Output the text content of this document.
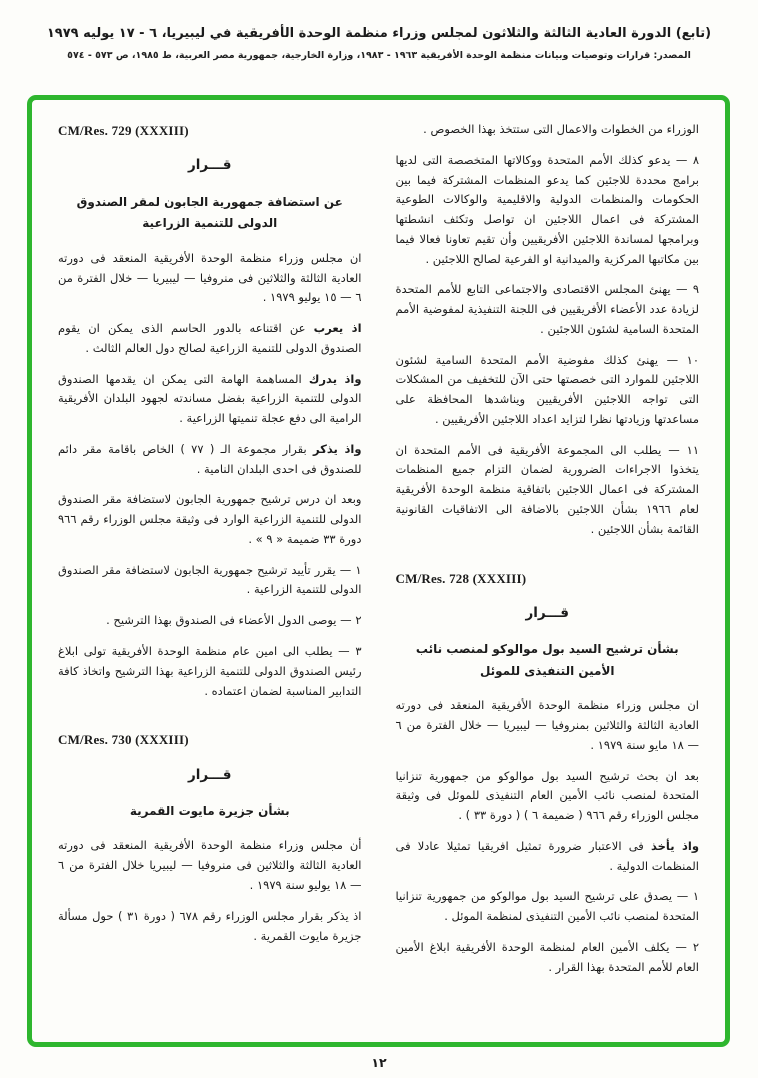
(تابع) الدورة العادية الثالثة والثلاثون لمجلس وزراء منظمة الوحدة الأفريقية في ليبيريا، ٦ - ١٧ يوليه ١٩٧٩
المصدر: قرارات وتوصيات وبيانات منظمة الوحدة الأفريقية ١٩٦٣ - ١٩٨٣، وزارة الخارجية، جمهورية مصر العربية، ط ١٩٨٥، ص ٥٧٣ - ٥٧٤

الوزراء من الخطوات والاعمال التى ستتخذ بهذا الخصوص .

٨ — يدعو كذلك الأمم المتحدة ووكالاتها المتخصصة التى لديها برامج محددة للاجئين كما يدعو المنظمات المشتركة فيما بين الحكومات والمنظمات الدولية والاقليمية والوكالات الطوعية المشتركة فى اعمال اللاجئين ان تواصل وتكثف انشطتها وبرامجها لمساندة اللاجئين الأفريقيين وأن تقيم تعاونا فعالا فيما بين مكاتبها المركزية والميدانية او الفرعية لصالح اللاجئين .

٩ — يهنئ المجلس الاقتصادى والاجتماعى التابع للأمم المتحدة لزيادة عدد الأعضاء الأفريقيين فى اللجنة التنفيذية لمفوضية الأمم المتحدة السامية لشئون اللاجئين .

١٠ — يهنئ كذلك مفوضية الأمم المتحدة السامية لشئون اللاجئين للموارد التى خصصتها حتى الآن للتخفيف من المشكلات التى تواجه اللاجئين الأفريقيين ويناشدها المحافظة على مساعدتها وزيادتها نظرا لتزايد اعداد اللاجئين الأفريقيين .

١١ — يطلب الى المجموعة الأفريقية فى الأمم المتحدة ان يتخذوا الاجراءات الضرورية لضمان التزام جميع المنظمات المشتركة فى اعمال اللاجئين باتفاقية منظمة الوحدة الأفريقية لعام ١٩٦٦ بشأن اللاجئين بالاضافة الى الاتفاقيات القانونية القائمة بشأن اللاجئين .

CM/Res. 728 (XXXIII)
قـــرار
بشأن ترشيح السيد بول موالوكو لمنصب نائب الأمين التنفيذى للموئل

ان مجلس وزراء منظمة الوحدة الأفريقية المنعقد فى دورته العادية الثالثة والثلاثين بمنروفيا — ليبيريا — خلال الفترة من ٦ — ١٨ مايو سنة ١٩٧٩ .

بعد ان بحث ترشيح السيد بول موالوكو من جمهورية تنزانيا المتحدة لمنصب نائب الأمين العام التنفيذى للموئل فى وثيقة مجلس الوزراء رقم ٩٦٦ ( ضميمة ٦ ) ( دورة ٣٣ ) .

واذ يأخذ فى الاعتبار ضرورة تمثيل افريقيا تمثيلا عادلا فى المنظمات الدولية .

١ — يصدق على ترشيح السيد بول موالوكو من جمهورية تنزانيا المتحدة لمنصب نائب الأمين التنفيذى لمنظمة الموئل .

٢ — يكلف الأمين العام لمنظمة الوحدة الأفريقية ابلاغ الأمين العام للأمم المتحدة بهذا القرار .

CM/Res. 729 (XXXIII)
قـــرار
عن استضافة جمهورية الجابون لمقر الصندوق الدولى للتنمية الزراعية

ان مجلس وزراء منظمة الوحدة الأفريقية المنعقد فى دورته العادية الثالثة والثلاثين فى منروفيا — ليبيريا — خلال الفترة من ٦ — ١٥ يوليو ١٩٧٩ .

اذ يعرب عن اقتناعه بالدور الحاسم الذى يمكن ان يقوم الصندوق الدولى للتنمية الزراعية لصالح دول العالم الثالث .

واذ يدرك المساهمة الهامة التى يمكن ان يقدمها الصندوق الدولى للتنمية الزراعية بفضل مساندته لجهود البلدان الأفريقية الرامية الى دفع عجلة تنميتها الزراعية .

واذ يذكر بقرار مجموعة الـ ( ٧٧ ) الخاص باقامة مقر دائم للصندوق فى احدى البلدان النامية .

وبعد ان درس ترشيح جمهورية الجابون لاستضافة مقر الصندوق الدولى للتنمية الزراعية الوارد فى وثيقة مجلس الوزراء رقم ٩٦٦ دورة ٣٣ ضميمة « ٩ » .

١ — يقرر تأييد ترشيح جمهورية الجابون لاستضافة مقر الصندوق الدولى للتنمية الزراعية .

٢ — يوصى الدول الأعضاء فى الصندوق بهذا الترشيح .

٣ — يطلب الى امين عام منظمة الوحدة الأفريقية تولى ابلاغ رئيس الصندوق الدولى للتنمية الزراعية بهذا الترشيح واتخاذ كافة التدابير المناسبة لضمان اعتماده .

CM/Res. 730 (XXXIII)
قـــرار
بشأن جزيرة مايوت القمرية

أن مجلس وزراء منظمة الوحدة الأفريقية المنعقد فى دورته العادية الثالثة والثلاثين فى منروفيا — ليبيريا خلال الفترة من ٦ — ١٨ يوليو سنة ١٩٧٩ .

اذ يذكر بقرار مجلس الوزراء رقم ٦٧٨ ( دورة ٣١ ) حول مسألة جزيرة مايوت القمرية .

١٢
